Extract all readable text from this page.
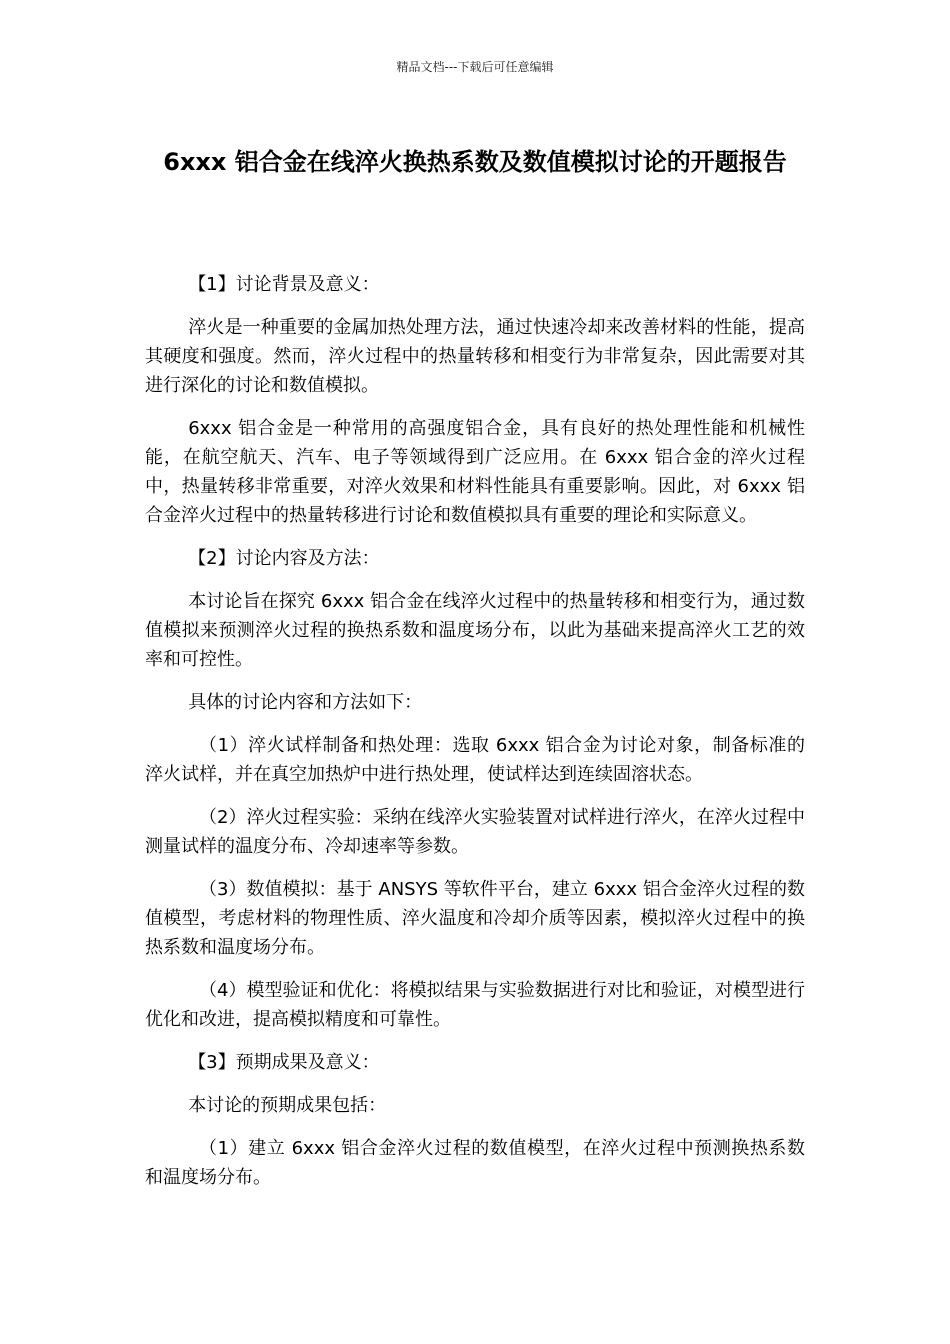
精品文档---下载后可任意编辑
6xxx 铝合金在线淬火换热系数及数值模拟讨论的开题报告

【1】讨论背景及意义：

淬火是一种重要的金属加热处理方法，通过快速冷却来改善材料的性能，提高其硬度和强度。然而，淬火过程中的热量转移和相变行为非常复杂，因此需要对其进行深化的讨论和数值模拟。

6xxx 铝合金是一种常用的高强度铝合金，具有良好的热处理性能和机械性能，在航空航天、汽车、电子等领域得到广泛应用。在 6xxx 铝合金的淬火过程中，热量转移非常重要，对淬火效果和材料性能具有重要影响。因此，对 6xxx 铝合金淬火过程中的热量转移进行讨论和数值模拟具有重要的理论和实际意义。

【2】讨论内容及方法：

本讨论旨在探究 6xxx 铝合金在线淬火过程中的热量转移和相变行为，通过数值模拟来预测淬火过程的换热系数和温度场分布，以此为基础来提高淬火工艺的效率和可控性。

具体的讨论内容和方法如下：

（1）淬火试样制备和热处理：选取 6xxx 铝合金为讨论对象，制备标准的淬火试样，并在真空加热炉中进行热处理，使试样达到连续固溶状态。

（2）淬火过程实验：采纳在线淬火实验装置对试样进行淬火，在淬火过程中测量试样的温度分布、冷却速率等参数。

（3）数值模拟：基于 ANSYS 等软件平台，建立 6xxx 铝合金淬火过程的数值模型，考虑材料的物理性质、淬火温度和冷却介质等因素，模拟淬火过程中的换热系数和温度场分布。

（4）模型验证和优化：将模拟结果与实验数据进行对比和验证，对模型进行优化和改进，提高模拟精度和可靠性。

【3】预期成果及意义：

本讨论的预期成果包括：

（1）建立 6xxx 铝合金淬火过程的数值模型，在淬火过程中预测换热系数和温度场分布。
